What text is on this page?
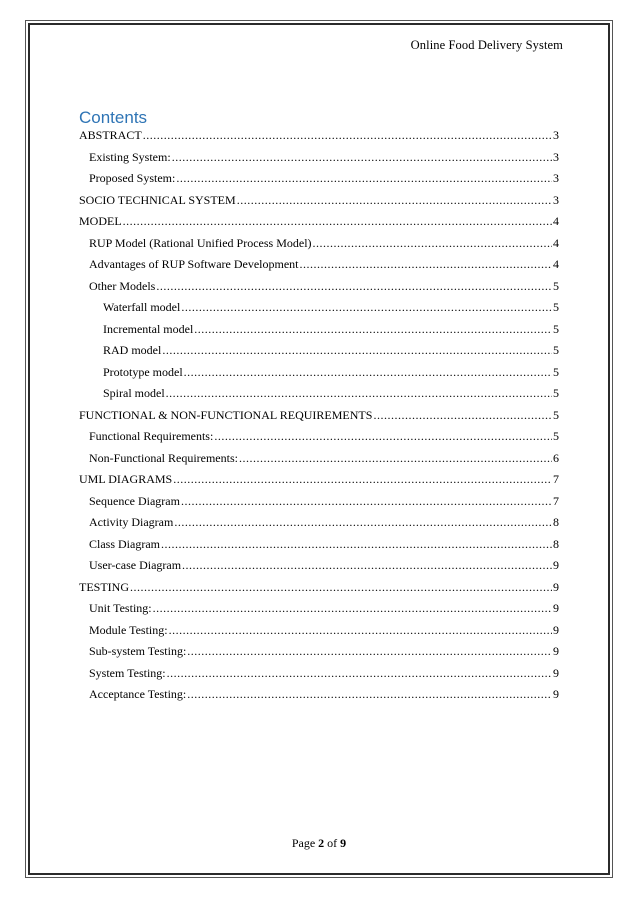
Online Food Delivery System
Contents
ABSTRACT .....	3
Existing System: .....	3
Proposed System: .....	3
SOCIO TECHNICAL SYSTEM .....	3
MODEL .....	4
RUP Model (Rational Unified Process Model) .....	4
Advantages of RUP Software Development .....	4
Other Models .....	5
Waterfall model .....	5
Incremental model .....	5
RAD model .....	5
Prototype model .....	5
Spiral model .....	5
FUNCTIONAL & NON-FUNCTIONAL REQUIREMENTS .....	5
Functional Requirements: .....	5
Non-Functional Requirements: .....	6
UML DIAGRAMS .....	7
Sequence Diagram .....	7
Activity Diagram .....	8
Class Diagram .....	8
User-case Diagram .....	9
TESTING .....	9
Unit Testing: .....	9
Module Testing: .....	9
Sub-system Testing: .....	9
System Testing: .....	9
Acceptance Testing: .....	9
Page 2 of 9
